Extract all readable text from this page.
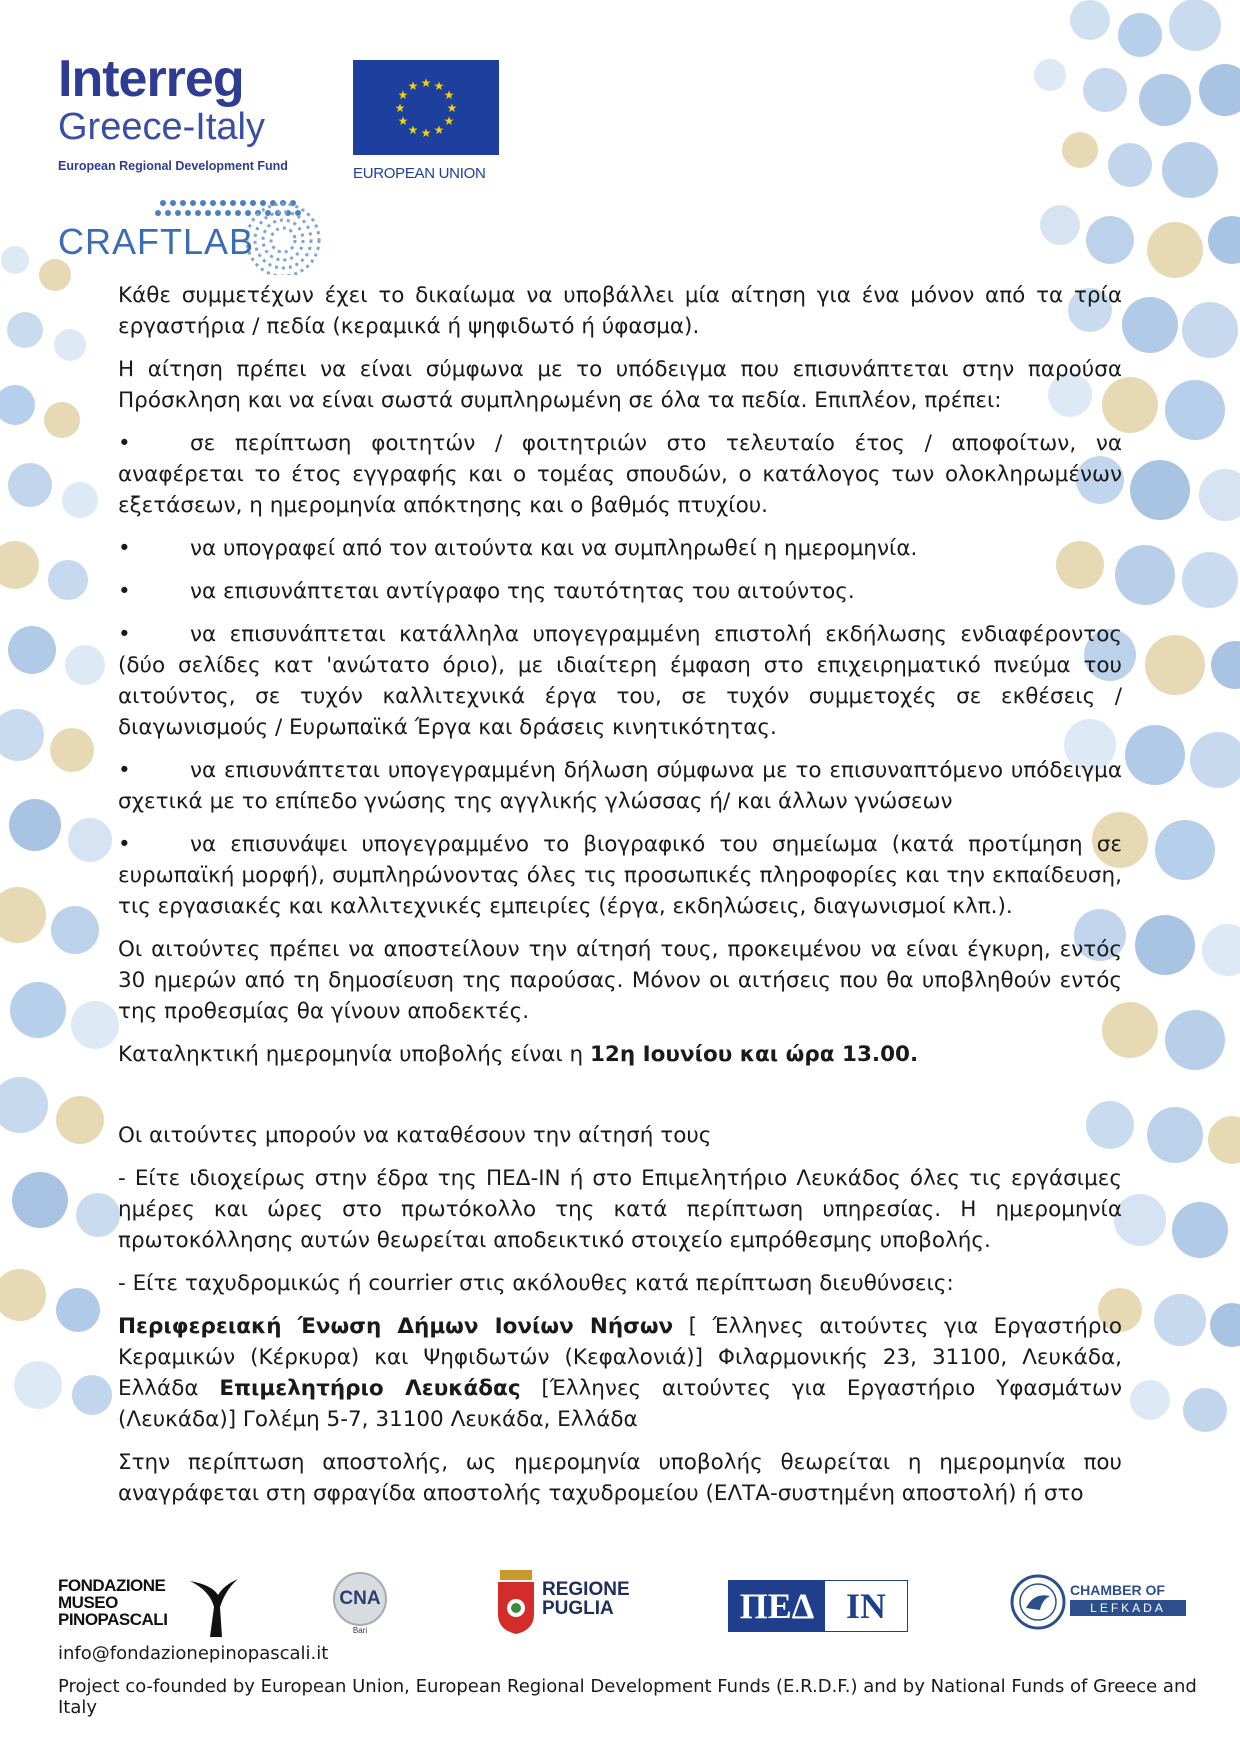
Interreg
Greece-Italy
European Regional Development Fund
★ ★
★
★
★
★
★
★
★
★
★
★
EUROPEAN UNION
CRAFTLAB

Κάθε συμμετέχων έχει το δικαίωμα να υποβάλλει μία αίτηση για ένα μόνον από τα τρία εργαστήρια / πεδία (κεραμικά ή ψηφιδωτό ή ύφασμα).

Η αίτηση πρέπει να είναι σύμφωνα με το υπόδειγμα που επισυνάπτεται στην παρούσα Πρόσκληση και να είναι σωστά συμπληρωμένη σε όλα τα πεδία. Επιπλέον, πρέπει:

•	σε περίπτωση φοιτητών / φοιτητριών στο τελευταίο έτος / αποφοίτων, να αναφέρεται το έτος εγγραφής και ο τομέας σπουδών, ο κατάλογος των ολοκληρωμένων εξετάσεων, η ημερομηνία απόκτησης και ο βαθμός πτυχίου.

•	να υπογραφεί από τον αιτούντα και να συμπληρωθεί η ημερομηνία.

•	να επισυνάπτεται αντίγραφο της ταυτότητας του αιτούντος.

•	να επισυνάπτεται κατάλληλα υπογεγραμμένη επιστολή εκδήλωσης ενδιαφέροντος (δύο σελίδες κατ 'ανώτατο όριο), με ιδιαίτερη έμφαση στο επιχειρηματικό πνεύμα του αιτούντος, σε τυχόν καλλιτεχνικά έργα του, σε τυχόν συμμετοχές σε εκθέσεις / διαγωνισμούς / Ευρωπαϊκά Έργα και δράσεις κινητικότητας.

•	να επισυνάπτεται υπογεγραμμένη δήλωση σύμφωνα με το επισυναπτόμενο υπόδειγμα σχετικά με το επίπεδο γνώσης της αγγλικής γλώσσας ή/ και άλλων γνώσεων

•	να επισυνάψει υπογεγραμμένο το βιογραφικό του σημείωμα (κατά προτίμηση σε ευρωπαϊκή μορφή), συμπληρώνοντας όλες τις προσωπικές πληροφορίες και την εκπαίδευση, τις εργασιακές και καλλιτεχνικές εμπειρίες (έργα, εκδηλώσεις, διαγωνισμοί κλπ.).

Οι αιτούντες πρέπει να αποστείλουν την αίτησή τους, προκειμένου να είναι έγκυρη, εντός 30 ημερών από τη δημοσίευση της παρούσας. Μόνον οι αιτήσεις που θα υποβληθούν εντός της προθεσμίας θα γίνουν αποδεκτές.

Καταληκτική ημερομηνία υποβολής είναι η 12η Ιουνίου και ώρα 13.00.

Οι αιτούντες μπορούν να καταθέσουν την αίτησή τους

- Είτε ιδιοχείρως στην έδρα της ΠΕΔ-ΙΝ ή στο Επιμελητήριο Λευκάδος όλες τις εργάσιμες ημέρες και ώρες στο πρωτόκολλο της κατά περίπτωση υπηρεσίας. Η ημερομηνία πρωτοκόλλησης αυτών θεωρείται αποδεικτικό στοιχείο εμπρόθεσμης υποβολής.

- Είτε ταχυδρομικώς ή courrier στις ακόλουθες κατά περίπτωση διευθύνσεις:

Περιφερειακή Ένωση Δήμων Ιονίων Νήσων [ Έλληνες αιτούντες για Εργαστήριο Κεραμικών (Κέρκυρα) και Ψηφιδωτών (Κεφαλονιά)] Φιλαρμονικής 23, 31100, Λευκάδα, Ελλάδα Επιμελητήριο Λευκάδας [Έλληνες αιτούντες για Εργαστήριο Υφασμάτων (Λευκάδα)] Γολέμη 5-7, 31100 Λευκάδα, Ελλάδα

Στην περίπτωση αποστολής, ως ημερομηνία υποβολής θεωρείται η ημερομηνία που αναγράφεται στη σφραγίδα αποστολής ταχυδρομείου (ΕΛΤΑ-συστημένη αποστολή) ή στο

FONDAZIONE
MUSEO
PINOPASCALI
CNA
Bari
REGIONE
PUGLIA	ΠΕΔ IN	CHAMBER OF
LEFKADA
info@fondazionepinopascali.it
Project co-founded by European Union, European Regional Development Funds (E.R.D.F.) and by National Funds of Greece and Italy
